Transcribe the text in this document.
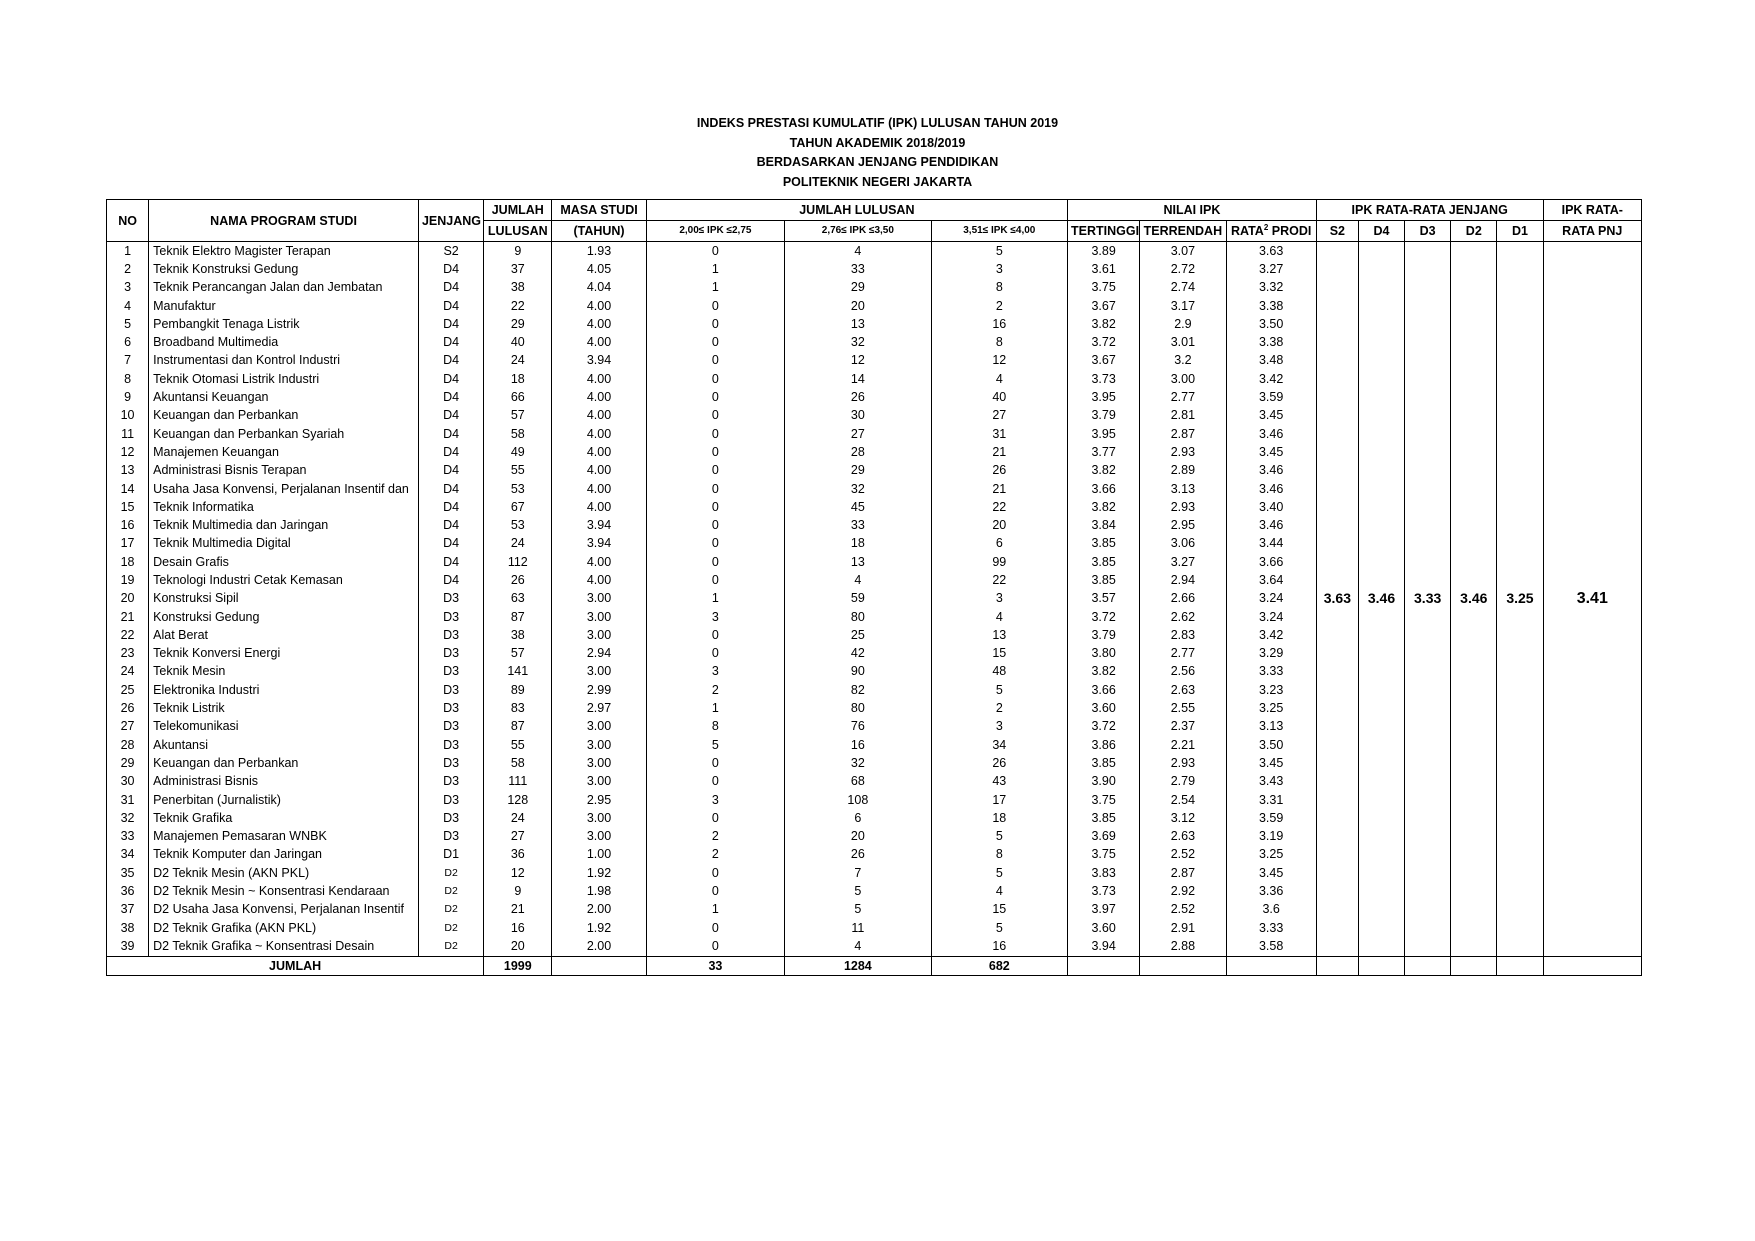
INDEKS PRESTASI KUMULATIF (IPK) LULUSAN TAHUN 2019
TAHUN AKADEMIK 2018/2019
BERDASARKAN JENJANG PENDIDIKAN
POLITEKNIK NEGERI JAKARTA
NO	NAMA PROGRAM STUDI	JENJANG	JUMLAH	MASA STUDI	JUMLAH LULUSAN			NILAI IPK			IPK RATA-RATA JENJANG					IPK RATA-
			LULUSAN	(TAHUN)	2,00≤ IPK ≤2,75	2,76≤ IPK ≤3,50	3,51≤ IPK ≤4,00	TERTINGGI	TERRENDAH	RATA$^2$ PRODI	S2	D4	D3	D2	D1	RATA PNJ
1	Teknik Elektro Magister Terapan	S2	9	1.93	0	4	5	3.89	3.07	3.63	3.63	3.46	3.33	3.46	3.25	3.41
2	Teknik Konstruksi Gedung	D4	37	4.05	1	33	3	3.61	2.72	3.27						
3	Teknik Perancangan Jalan dan Jembatan	D4	38	4.04	1	29	8	3.75	2.74	3.32						
4	Manufaktur	D4	22	4.00	0	20	2	3.67	3.17	3.38						
5	Pembangkit Tenaga Listrik	D4	29	4.00	0	13	16	3.82	2.9	3.50						
6	Broadband Multimedia	D4	40	4.00	0	32	8	3.72	3.01	3.38						
7	Instrumentasi dan Kontrol Industri	D4	24	3.94	0	12	12	3.67	3.2	3.48						
8	Teknik Otomasi Listrik Industri	D4	18	4.00	0	14	4	3.73	3.00	3.42						
9	Akuntansi Keuangan	D4	66	4.00	0	26	40	3.95	2.77	3.59						
10	Keuangan dan Perbankan	D4	57	4.00	0	30	27	3.79	2.81	3.45						
11	Keuangan dan Perbankan Syariah	D4	58	4.00	0	27	31	3.95	2.87	3.46						
12	Manajemen Keuangan	D4	49	4.00	0	28	21	3.77	2.93	3.45						
13	Administrasi Bisnis Terapan	D4	55	4.00	0	29	26	3.82	2.89	3.46						
14	Usaha Jasa Konvensi, Perjalanan Insentif dan	D4	53	4.00	0	32	21	3.66	3.13	3.46						
15	Teknik Informatika	D4	67	4.00	0	45	22	3.82	2.93	3.40						
16	Teknik Multimedia dan Jaringan	D4	53	3.94	0	33	20	3.84	2.95	3.46						
17	Teknik Multimedia Digital	D4	24	3.94	0	18	6	3.85	3.06	3.44						
18	Desain Grafis	D4	112	4.00	0	13	99	3.85	3.27	3.66						
19	Teknologi Industri Cetak Kemasan	D4	26	4.00	0	4	22	3.85	2.94	3.64						
20	Konstruksi Sipil	D3	63	3.00	1	59	3	3.57	2.66	3.24						
21	Konstruksi Gedung	D3	87	3.00	3	80	4	3.72	2.62	3.24						
22	Alat Berat	D3	38	3.00	0	25	13	3.79	2.83	3.42						
23	Teknik Konversi Energi	D3	57	2.94	0	42	15	3.80	2.77	3.29						
24	Teknik Mesin	D3	141	3.00	3	90	48	3.82	2.56	3.33						
25	Elektronika Industri	D3	89	2.99	2	82	5	3.66	2.63	3.23						
26	Teknik Listrik	D3	83	2.97	1	80	2	3.60	2.55	3.25						
27	Telekomunikasi	D3	87	3.00	8	76	3	3.72	2.37	3.13						
28	Akuntansi	D3	55	3.00	5	16	34	3.86	2.21	3.50						
29	Keuangan dan Perbankan	D3	58	3.00	0	32	26	3.85	2.93	3.45						
30	Administrasi Bisnis	D3	111	3.00	0	68	43	3.90	2.79	3.43						
31	Penerbitan (Jurnalistik)	D3	128	2.95	3	108	17	3.75	2.54	3.31						
32	Teknik Grafika	D3	24	3.00	0	6	18	3.85	3.12	3.59						
33	Manajemen Pemasaran WNBK	D3	27	3.00	2	20	5	3.69	2.63	3.19						
34	Teknik Komputer dan Jaringan	D1	36	1.00	2	26	8	3.75	2.52	3.25						
35	D2 Teknik Mesin (AKN PKL)	D2	12	1.92	0	7	5	3.83	2.87	3.45						
36	D2 Teknik Mesin ~ Konsentrasi Kendaraan	D2	9	1.98	0	5	4	3.73	2.92	3.36						
37	D2 Usaha Jasa Konvensi, Perjalanan Insentif	D2	21	2.00	1	5	15	3.97	2.52	3.6						
38	D2 Teknik Grafika (AKN PKL)	D2	16	1.92	0	11	5	3.60	2.91	3.33						
39	D2 Teknik Grafika ~ Konsentrasi Desain	D2	20	2.00	0	4	16	3.94	2.88	3.58						
JUMLAH			1999		33	1284	682									
